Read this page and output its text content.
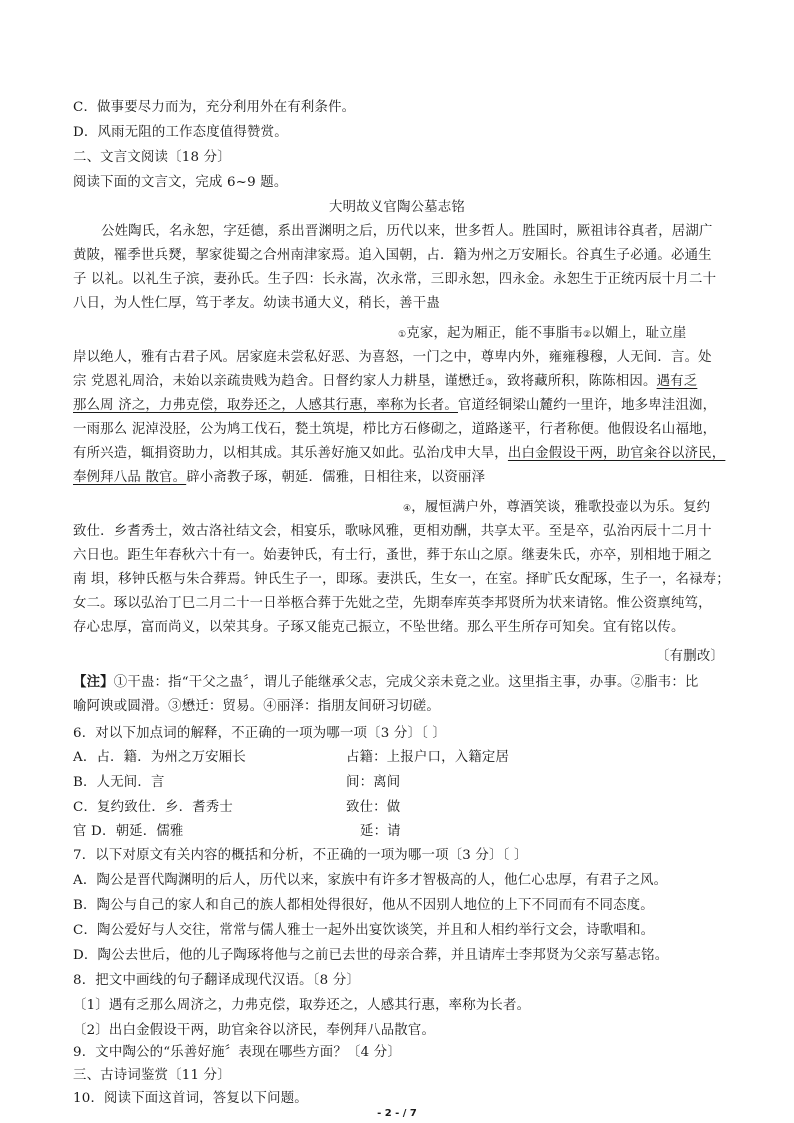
C．做事要尽力而为，充分利用外在有利条件。
D．风雨无阻的工作态度值得赞赏。
二、文言文阅读〔18 分〕
阅读下面的文言文，完成 6~9 题。
大明故义官陶公墓志铭
公姓陶氏，名永恕，字廷德，系出晋渊明之后，历代以来，世多哲人。胜国时，厥祖讳谷真者，居湖广
黄陂，罹季世兵燹，挈家徙蜀之合州南津家焉。追入国朝，占．籍为州之万安厢长。谷真生子必通。必通生
子 以礼。以礼生子滨，妻孙氏。生子四：长永嵩，次永常，三即永恕，四永金。永恕生于正统丙辰十月二十
八日，为人性仁厚，笃于孝友。幼读书通大义，稍长，善干蛊
①克家，起为厢正，能不事脂韦②以媚上，耻立崖
岸以绝人，雅有古君子风。居家庭未尝私好恶、为喜怒，一门之中，尊卑内外，雍雍穆穆，人无间．言。处
宗 党恩礼周洽，未始以亲疏贵贱为趋舍。日督约家人力耕垦，谨懋迁③，致将藏所积，陈陈相因。遇有乏
那么周 济之，力弗克偿，取券还之，人感其行惠，率称为长者。官道经铜梁山麓约一里许，地多卑洼沮洳，
一雨那么 泥淖没胫，公为鸠工伐石，甃土筑堤，栉比方石修砌之，道路遂平，行者称便。他假设名山福地，
有所兴造，辄捐资助力，以相其成。其乐善好施又如此。弘治戊申大旱，出白金假设干两，助官籴谷以济民，
奉例拜八品 散官。辟小斋教子琢，朝延．儒雅，日相往来，以资丽泽
④，履恒满户外，尊酒笑谈，雅歌投壶以为乐。复约
致仕．乡耆秀士，效古洛社结文会，相宴乐，歌咏风雅，更相劝酬，共享太平。至是卒，弘治丙辰十二月十
六日也。距生年春秋六十有一。始妻钟氏，有士行，蚤世，葬于东山之原。继妻朱氏，亦卒，别相地于厢之
南 垻，移钟氏柩与朱合葬焉。钟氏生子一，即琢。妻洪氏，生女一，在室。择旷氏女配琢，生子一，名禄寿；
女二。琢以弘治丁巳二月二十一日举柩合葬于先妣之茔，先期奉库英李邦贤所为状来请铭。惟公资禀纯笃，
存心忠厚，富而尚义，以荣其身。子琢又能克己振立，不坠世绪。那么平生所存可知矣。宜有铭以传。
〔有删改〕
【注】①干蛊：指“干父之蛊〞，谓儿子能继承父志，完成父亲未竟之业。这里指主事，办事。②脂韦：比
喻阿谀或圆滑。③懋迁：贸易。④丽泽：指朋友间研习切磋。
6．对以下加点词的解释，不正确的一项为哪一项〔3 分〕〔 〕
A．占．籍．为州之万安厢长	占籍：上报户口，入籍定居
B．人无间．言	间：离间
C．复约致仕．乡．耆秀士	致仕：做
官 D．朝延．儒雅	延：请
7．以下对原文有关内容的概括和分析，不正确的一项为哪一项〔3 分〕〔 〕
A．陶公是晋代陶渊明的后人，历代以来，家族中有许多才智极高的人，他仁心忠厚，有君子之风。
B．陶公与自己的家人和自己的族人都相处得很好，他从不因别人地位的上下不同而有不同态度。
C．陶公爱好与人交往，常常与儒人雅士一起外出宴饮谈笑，并且和人相约举行文会，诗歌唱和。
D．陶公去世后，他的儿子陶琢将他与之前已去世的母亲合葬，并且请库士李邦贤为父亲写墓志铭。
8．把文中画线的句子翻译成现代汉语。〔8 分〕
〔1〕遇有乏那么周济之，力弗克偿，取券还之，人感其行惠，率称为长者。
〔2〕出白金假设干两，助官籴谷以济民，奉例拜八品散官。
9．文中陶公的“乐善好施〞表现在哪些方面？〔4 分〕
三、古诗词鉴赏〔11 分〕
- 2 - / 7
10．阅读下面这首词，答复以下问题。
